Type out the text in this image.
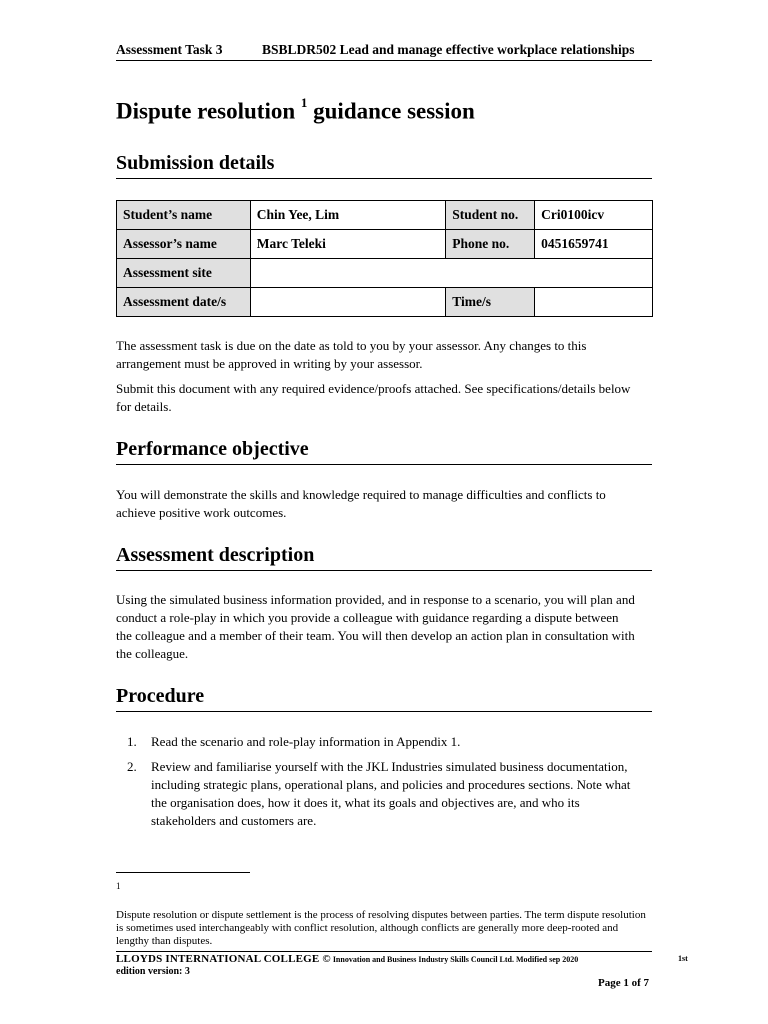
Assessment Task 3	BSBLDR502 Lead and manage effective workplace relationships
Dispute resolution $^1$ guidance session
Submission details
Student’s name	Chin Yee, Lim	Student no.	Cri0100icv
Assessor’s name	Marc Teleki	Phone no.	0451659741
Assessment site			
Assessment date/s		Time/s	

The assessment task is due on the date as told to you by your assessor. Any changes to this arrangement must be approved in writing by your assessor.

Submit this document with any required evidence/proofs attached. See specifications/details below for details.

Performance objective

You will demonstrate the skills and knowledge required to manage difficulties and conflicts to achieve positive work outcomes.

Assessment description

Using the simulated business information provided, and in response to a scenario, you will plan and conduct a role-play in which you provide a colleague with guidance regarding a dispute between the colleague and a member of their team. You will then develop an action plan in consultation with the colleague.

Procedure
1. Read the scenario and role-play information in Appendix 1.
2. Review and familiarise yourself with the JKL Industries simulated business documentation, including strategic plans, operational plans, and policies and procedures sections. Note what the organisation does, how it does it, what its goals and objectives are, and who its stakeholders and customers are.
1
Dispute resolution or dispute settlement is the process of resolving disputes between parties. The term dispute resolution is sometimes used interchangeably with conflict resolution, although conflicts are generally more deep-rooted and lengthy than disputes.
LLOYDS INTERNATIONAL COLLEGE © Innovation and Business Industry Skills Council Ltd. Modified sep 2020	1st
edition version: 3
Page 1 of 7
